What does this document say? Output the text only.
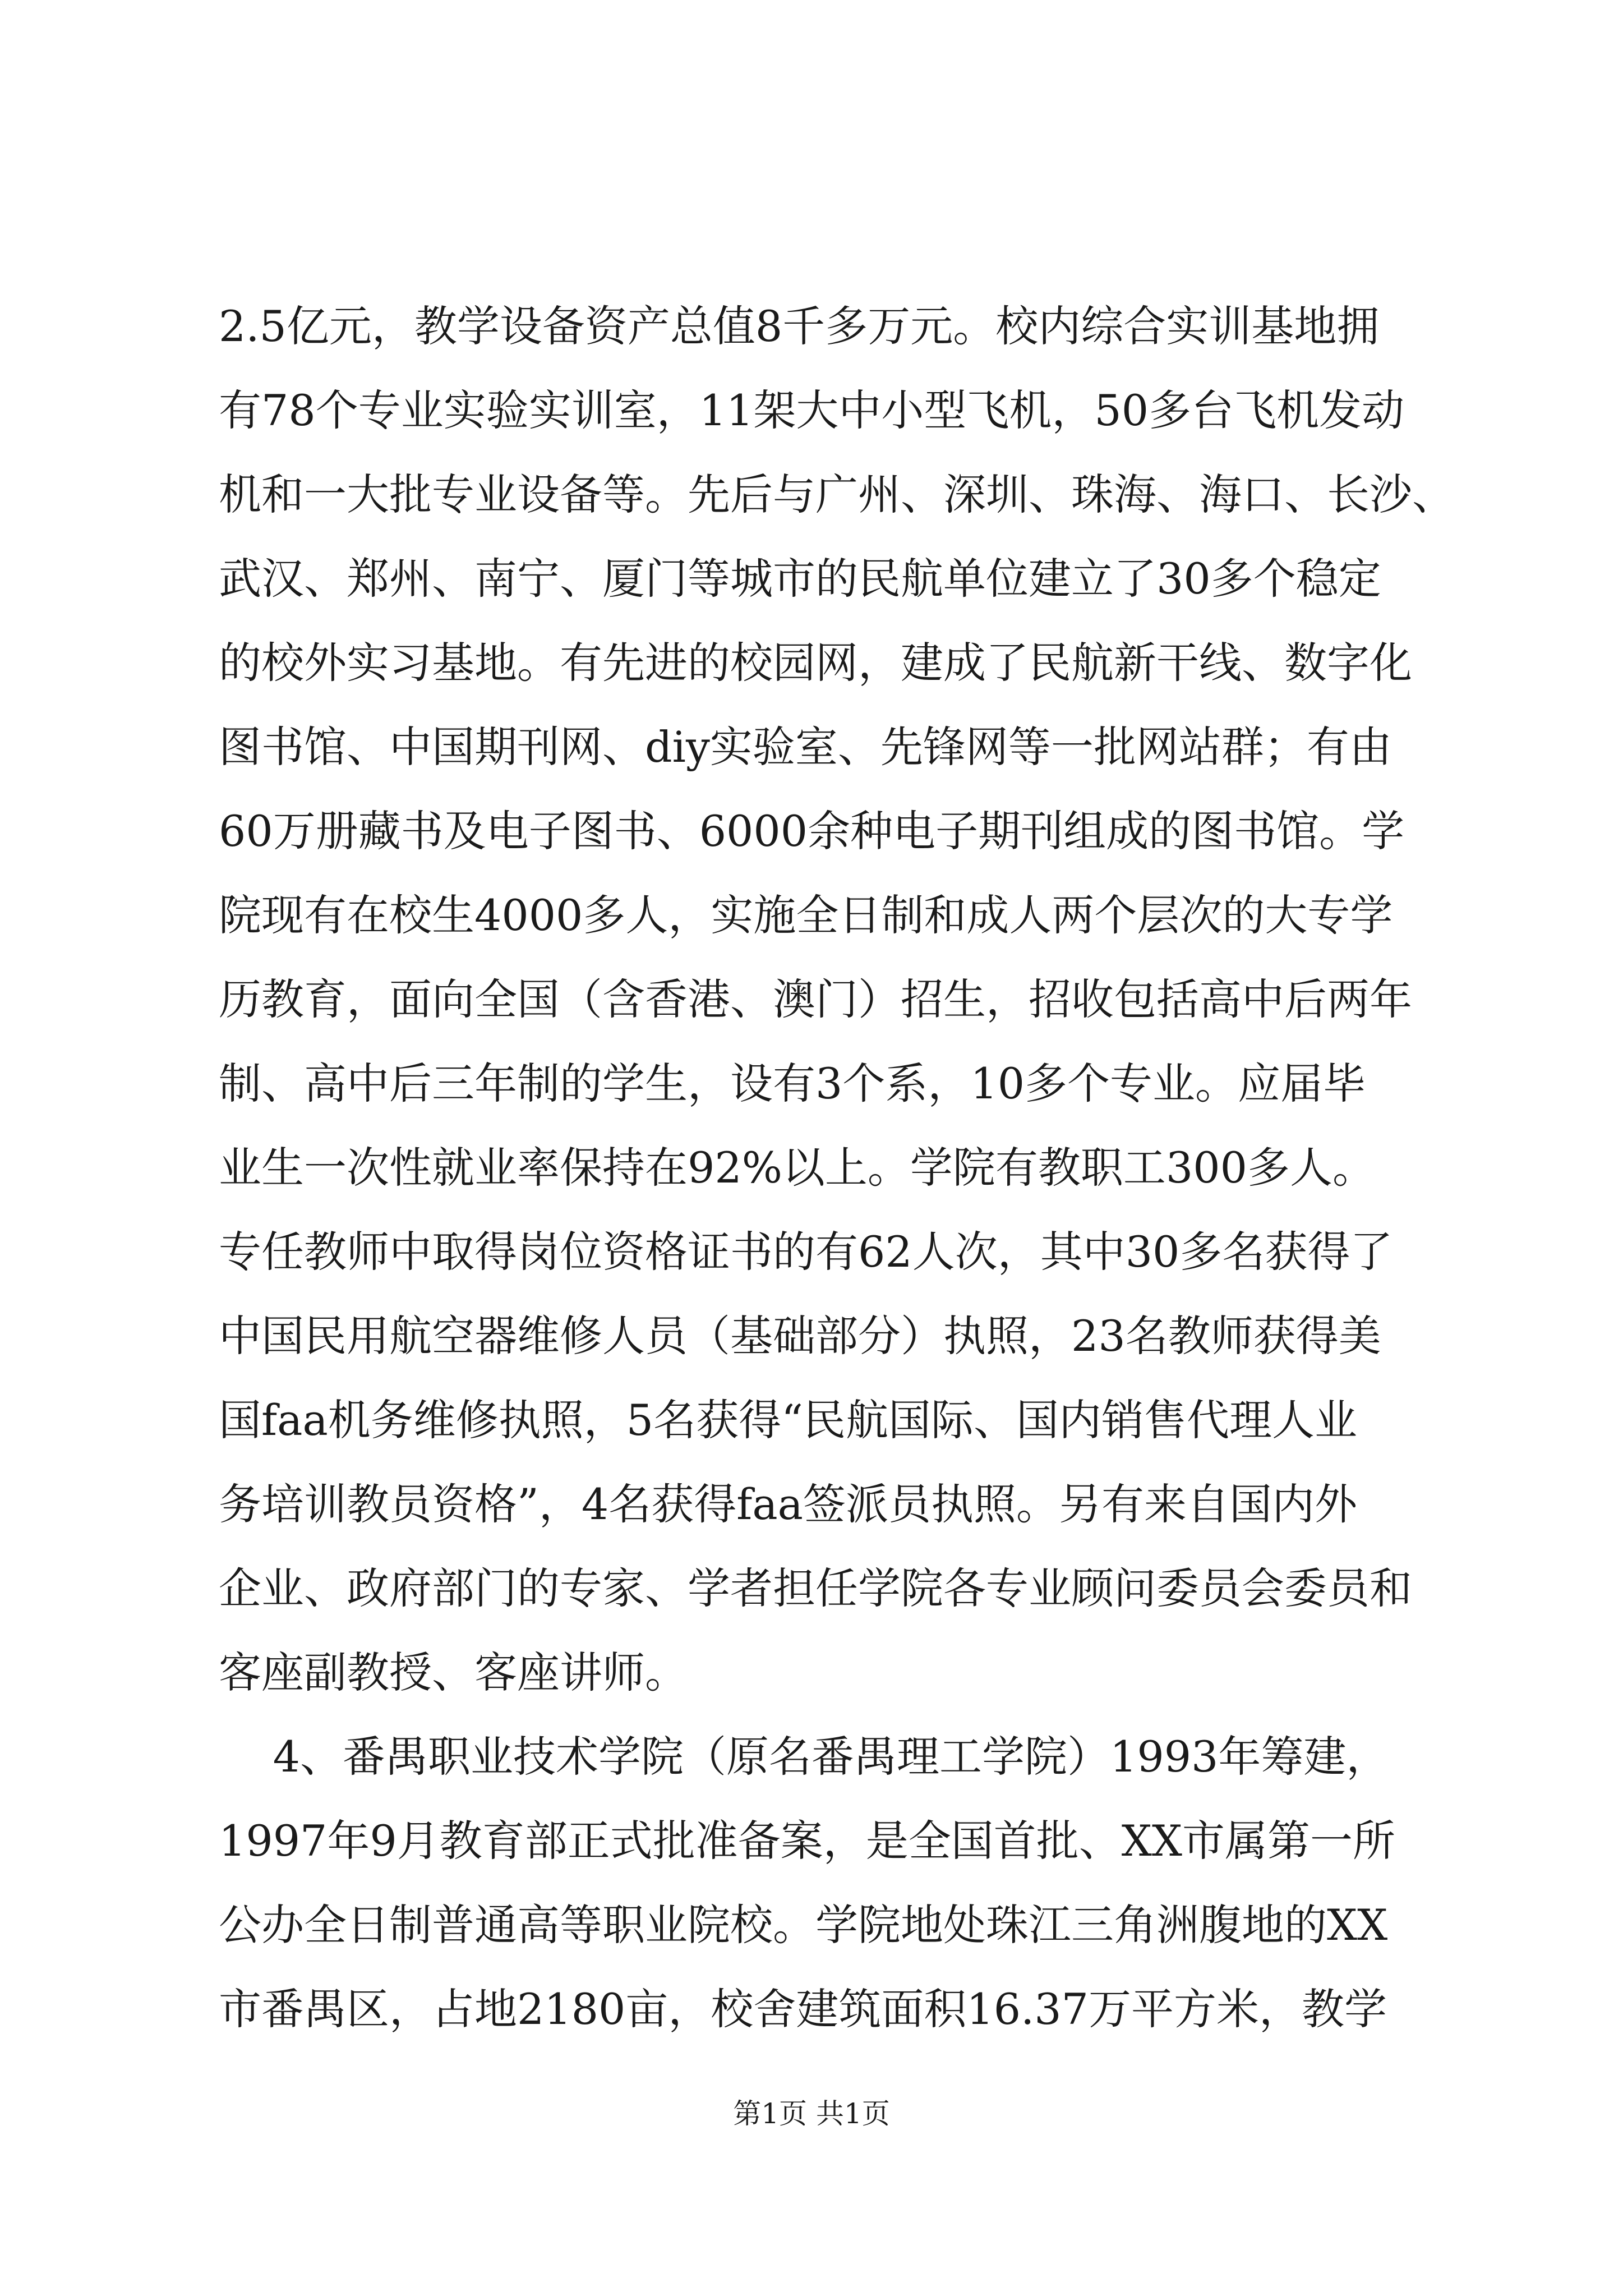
2.5亿元，教学设备资产总值8千多万元。校内综合实训基地拥
有78个专业实验实训室，11架大中小型飞机，50多台飞机发动
机和一大批专业设备等。先后与广州、深圳、珠海、海口、长沙、
武汉、郑州、南宁、厦门等城市的民航单位建立了30多个稳定
的校外实习基地。有先进的校园网，建成了民航新干线、数字化
图书馆、中国期刊网、diy实验室、先锋网等一批网站群；有由
60万册藏书及电子图书、6000余种电子期刊组成的图书馆。学
院现有在校生4000多人，实施全日制和成人两个层次的大专学
历教育，面向全国（含香港、澳门）招生，招收包括高中后两年
制、高中后三年制的学生，设有3个系，10多个专业。应届毕
业生一次性就业率保持在92%以上。学院有教职工300多人。
专任教师中取得岗位资格证书的有62人次，其中30多名获得了
中国民用航空器维修人员（基础部分）执照，23名教师获得美
国faa机务维修执照，5名获得“民航国际、国内销售代理人业
务培训教员资格”，4名获得faa签派员执照。另有来自国内外
企业、政府部门的专家、学者担任学院各专业顾问委员会委员和
客座副教授、客座讲师。
4、番禺职业技术学院（原名番禺理工学院）1993年筹建，
1997年9月教育部正式批准备案，是全国首批、XX市属第一所
公办全日制普通高等职业院校。学院地处珠江三角洲腹地的XX
市番禺区，占地2180亩，校舍建筑面积16.37万平方米，教学
第1页 共1页
